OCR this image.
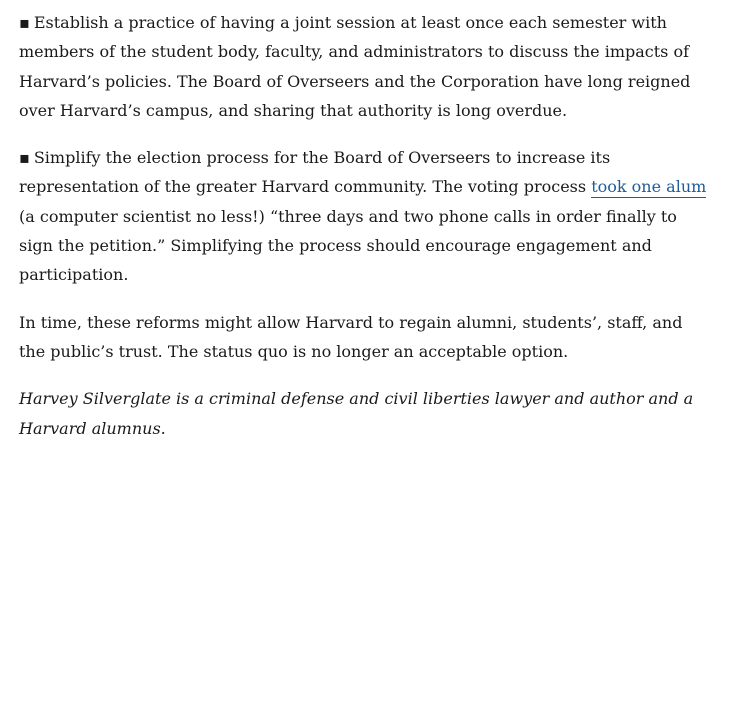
▪ Establish a practice of having a joint session at least once each semester with members of the student body, faculty, and administrators to discuss the impacts of Harvard’s policies. The Board of Overseers and the Corporation have long reigned over Harvard’s campus, and sharing that authority is long overdue.

▪ Simplify the election process for the Board of Overseers to increase its representation of the greater Harvard community. The voting process took one alum (a computer scientist no less!) “three days and two phone calls in order finally to sign the petition.” Simplifying the process should encourage engagement and participation.

In time, these reforms might allow Harvard to regain alumni, students’, staff, and the public’s trust. The status quo is no longer an acceptable option.

Harvey Silverglate is a criminal defense and civil liberties lawyer and author and a Harvard alumnus.
